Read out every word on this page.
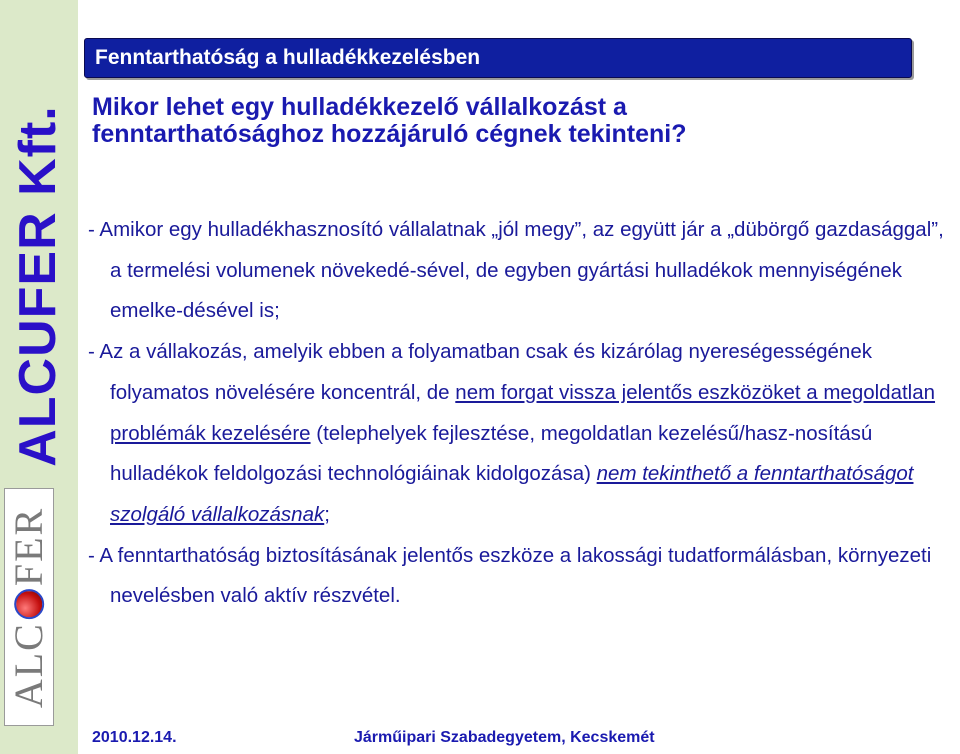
ALCUFER Kft.
ALC
FER
Fenntarthatóság a hulladékkezelésben
Mikor lehet egy hulladékkezelő vállalkozást a
fenntarthatósághoz hozzájáruló cégnek tekinteni?

- Amikor egy hulladékhasznosító vállalatnak „jól megy”, az együtt jár a „dübörgő gazdasággal”, a termelési volumenek növekedé-sével, de egyben gyártási hulladékok mennyiségének emelke-désével is;

- Az a vállakozás, amelyik ebben a folyamatban csak és kizárólag nyereségességének folyamatos növelésére koncentrál, de nem forgat vissza jelentős eszközöket a megoldatlan problémák kezelésére (telephelyek fejlesztése, megoldatlan kezelésű/hasz-nosítású hulladékok feldolgozási technológiáinak kidolgozása) nem tekinthető a fenntarthatóságot szolgáló vállalkozásnak;

- A fenntarthatóság biztosításának jelentős eszköze a lakossági tudatformálásban, környezeti nevelésben való aktív részvétel.

2010.12.14.	Járműipari Szabadegyetem, Kecskemét
